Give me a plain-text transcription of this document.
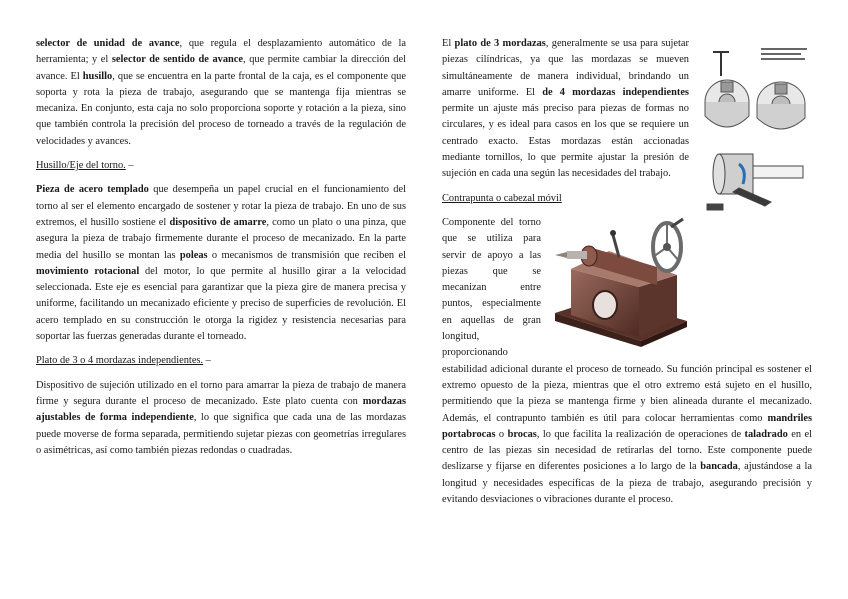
selector de unidad de avance, que regula el desplazamiento automático de la herramienta; y el selector de sentido de avance, que permite cambiar la dirección del avance. El husillo, que se encuentra en la parte frontal de la caja, es el componente que soporta y rota la pieza de trabajo, asegurando que se mantenga fija mientras se mecaniza. En conjunto, esta caja no solo proporciona soporte y rotación a la pieza, sino que también controla la precisión del proceso de torneado a través de la regulación de velocidades y avances.

Husillo/Eje del torno. –

Pieza de acero templado que desempeña un papel crucial en el funcionamiento del torno al ser el elemento encargado de sostener y rotar la pieza de trabajo. En uno de sus extremos, el husillo sostiene el dispositivo de amarre, como un plato o una pinza, que asegura la pieza de trabajo firmemente durante el proceso de mecanizado. En la parte media del husillo se montan las poleas o mecanismos de transmisión que reciben el movimiento rotacional del motor, lo que permite al husillo girar a la velocidad seleccionada. Este eje es esencial para garantizar que la pieza gire de manera precisa y uniforme, facilitando un mecanizado eficiente y preciso de superficies de revolución. El acero templado en su construcción le otorga la rigidez y resistencia necesarias para soportar las fuerzas generadas durante el torneado.

Plato de 3 o 4 mordazas independientes. –

Dispositivo de sujeción utilizado en el torno para amarrar la pieza de trabajo de manera firme y segura durante el proceso de mecanizado. Este plato cuenta con mordazas ajustables de forma independiente, lo que significa que cada una de las mordazas puede moverse de forma separada, permitiendo sujetar piezas con geometrías irregulares o asimétricas, así como también piezas redondas o cuadradas.

El plato de 3 mordazas, generalmente se usa para sujetar piezas cilíndricas, ya que las mordazas se mueven simultáneamente de manera individual, brindando un amarre uniforme. El de 4 mordazas independientes permite un ajuste más preciso para piezas de formas no circulares, y es ideal para casos en los que se requiere un centrado exacto. Estas mordazas están accionadas mediante tornillos, lo que permite ajustar la presión de sujeción en cada una según las necesidades del trabajo.

Contrapunta o cabezal móvil

Componente del torno que se utiliza para servir de apoyo a las piezas que se mecanizan entre puntos, especialmente en aquellas de gran longitud, proporcionando estabilidad adicional durante el proceso de torneado. Su función principal es sostener el extremo opuesto de la pieza, mientras que el otro extremo está sujeto en el husillo, permitiendo que la pieza se mantenga firme y bien alineada durante el mecanizado. Además, el contrapunto también es útil para colocar herramientas como mandriles portabrocas o brocas, lo que facilita la realización de operaciones de taladrado en el centro de las piezas sin necesidad de retirarlas del torno. Este componente puede deslizarse y fijarse en diferentes posiciones a lo largo de la bancada, ajustándose a la longitud y necesidades específicas de la pieza de trabajo, asegurando precisión y evitando desviaciones o vibraciones durante el proceso.
